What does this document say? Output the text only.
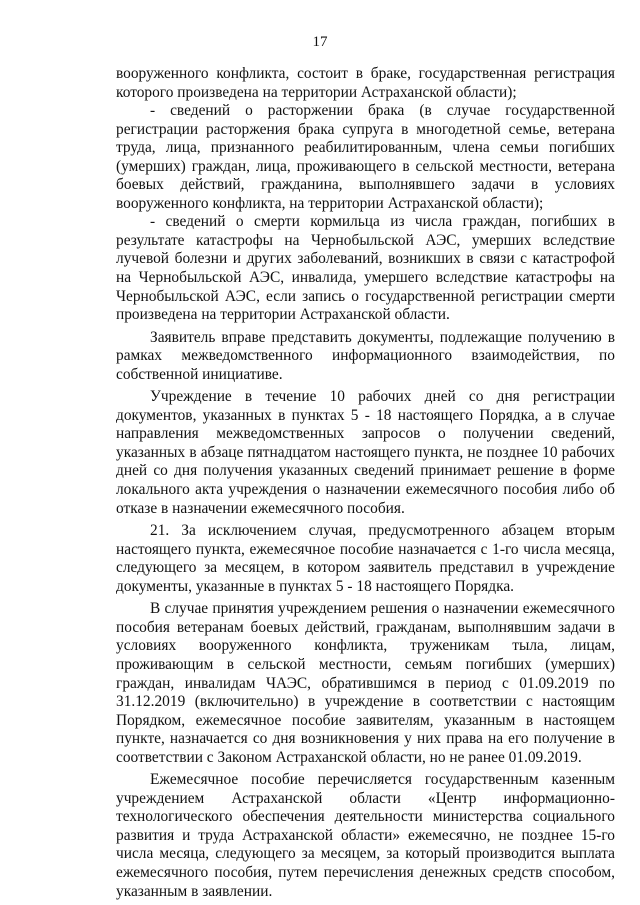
17

вооруженного конфликта, состоит в браке, государственная регистрация которого произведена на территории Астраханской области);

- сведений о расторжении брака (в случае государственной регистрации расторжения брака супруга в многодетной семье, ветерана труда, лица, признанного реабилитированным, члена семьи погибших (умерших) граждан, лица, проживающего в сельской местности, ветерана боевых действий, гражданина, выполнявшего задачи в условиях вооруженного конфликта, на территории Астраханской области);

- сведений о смерти кормильца из числа граждан, погибших в результате катастрофы на Чернобыльской АЭС, умерших вследствие лучевой болезни и других заболеваний, возникших в связи с катастрофой на Чернобыльской АЭС, инвалида, умершего вследствие катастрофы на Чернобыльской АЭС, если запись о государственной регистрации смерти произведена на территории Астраханской области.

Заявитель вправе представить документы, подлежащие получению в рамках межведомственного информационного взаимодействия, по собственной инициативе.

Учреждение в течение 10 рабочих дней со дня регистрации документов, указанных в пунктах 5 - 18 настоящего Порядка, а в случае направления межведомственных запросов о получении сведений, указанных в абзаце пятнадцатом настоящего пункта, не позднее 10 рабочих дней со дня получения указанных сведений принимает решение в форме локального акта учреждения о назначении ежемесячного пособия либо об отказе в назначении ежемесячного пособия.

21. За исключением случая, предусмотренного абзацем вторым настоящего пункта, ежемесячное пособие назначается с 1-го числа месяца, следующего за месяцем, в котором заявитель представил в учреждение документы, указанные в пунктах 5 - 18 настоящего Порядка.

В случае принятия учреждением решения о назначении ежемесячного пособия ветеранам боевых действий, гражданам, выполнявшим задачи в условиях вооруженного конфликта, труженикам тыла, лицам, проживающим в сельской местности, семьям погибших (умерших) граждан, инвалидам ЧАЭС, обратившимся в период с 01.09.2019 по 31.12.2019 (включительно) в учреждение в соответствии с настоящим Порядком, ежемесячное пособие заявителям, указанным в настоящем пункте, назначается со дня возникновения у них права на его получение в соответствии с Законом Астраханской области, но не ранее 01.09.2019.

Ежемесячное пособие перечисляется государственным казенным учреждением Астраханской области «Центр информационно-технологического обеспечения деятельности министерства социального развития и труда Астраханской области» ежемесячно, не позднее 15-го числа месяца, следующего за месяцем, за который производится выплата ежемесячного пособия, путем перечисления денежных средств способом, указанным в заявлении.
